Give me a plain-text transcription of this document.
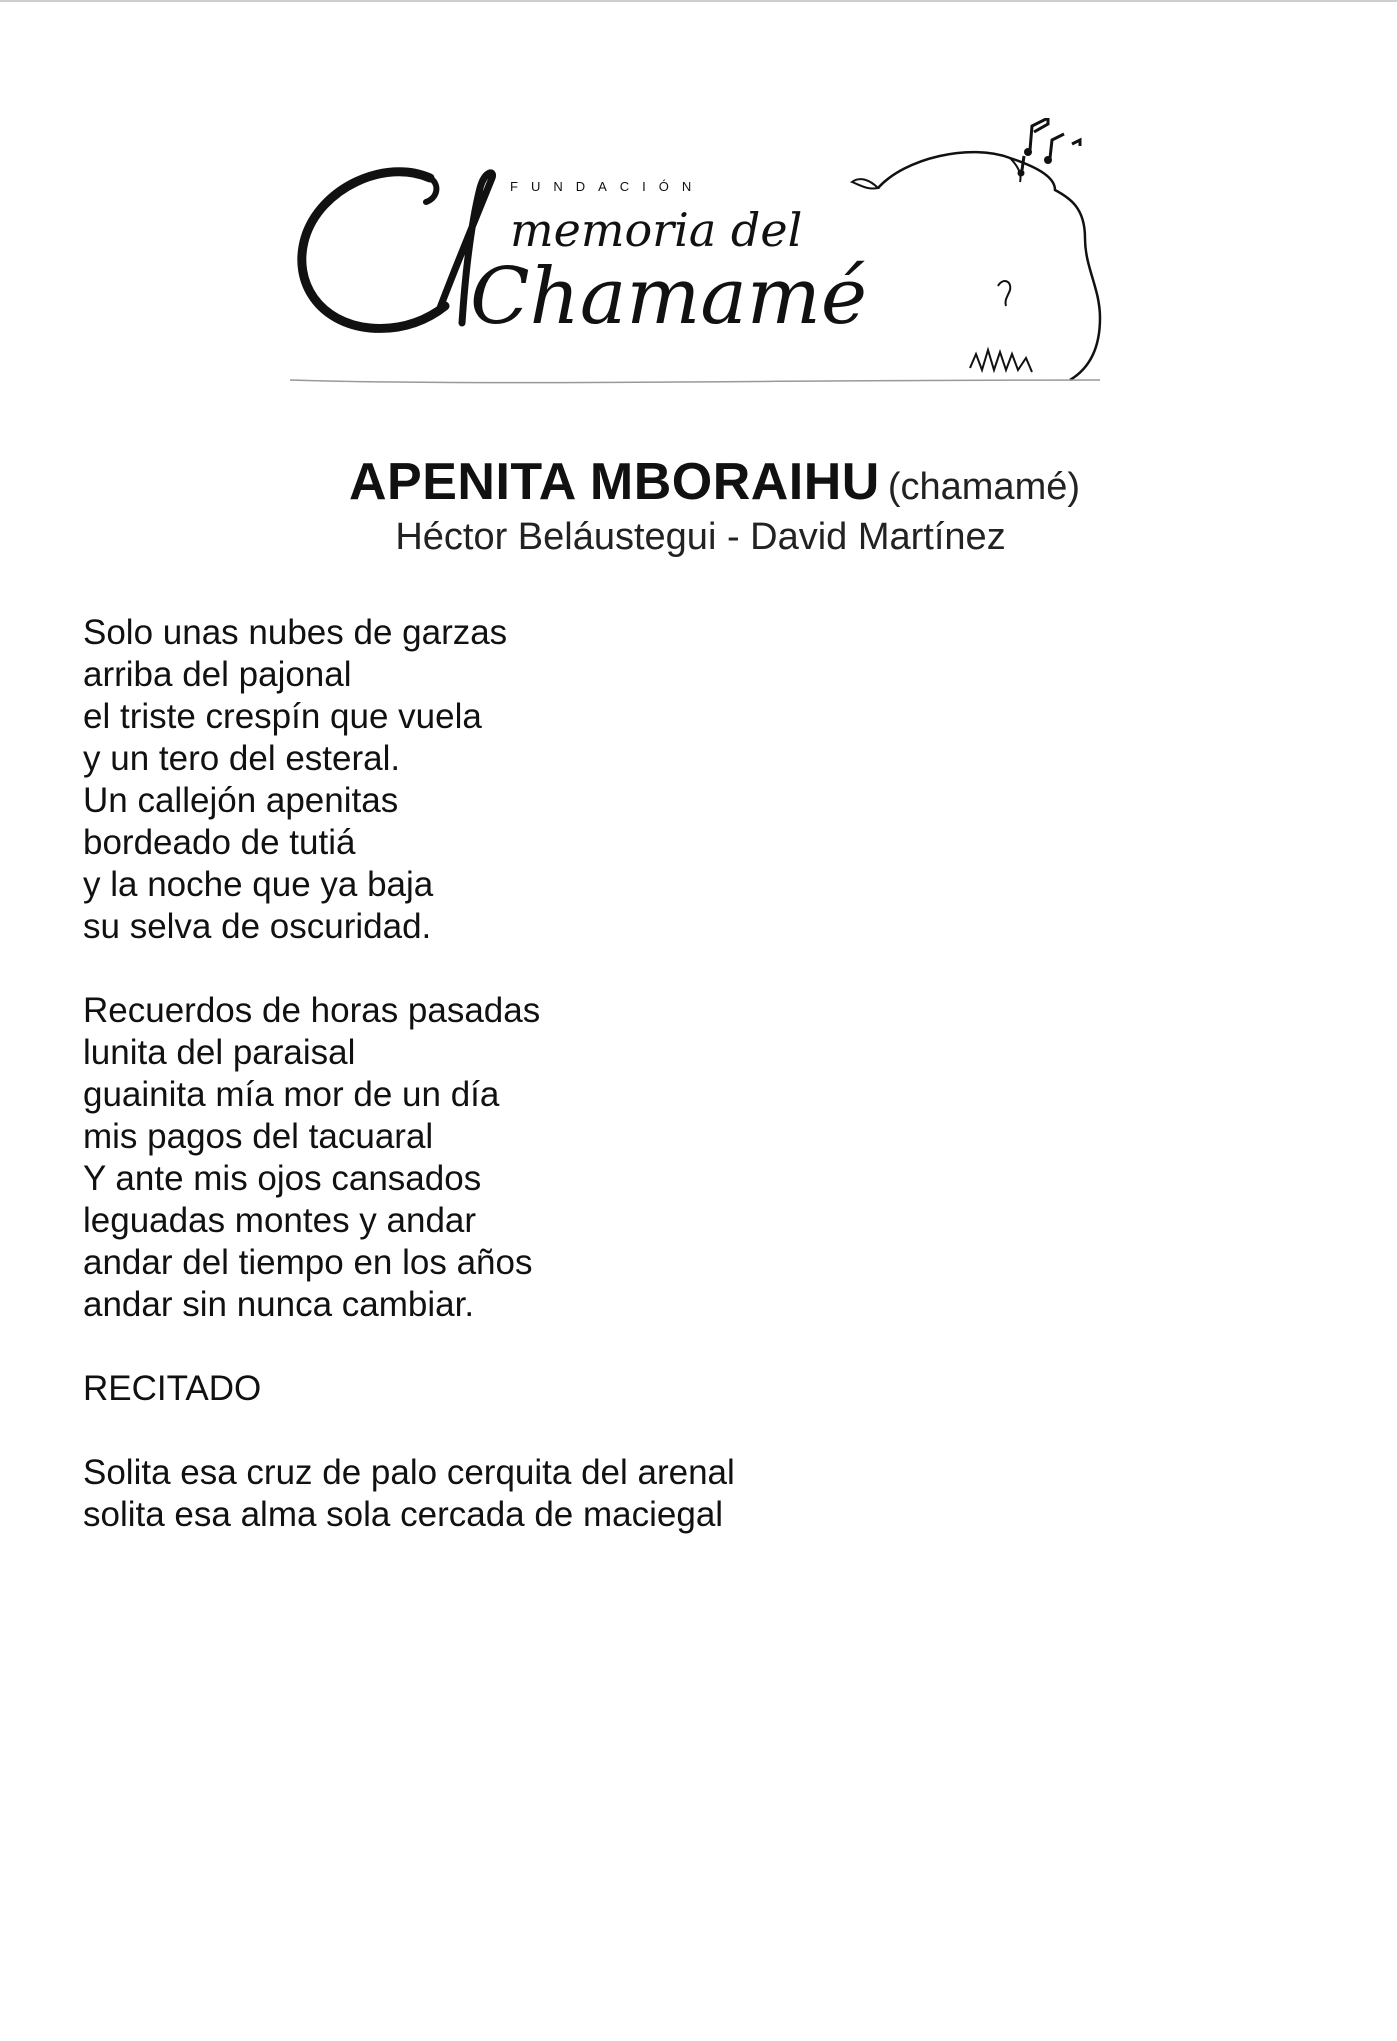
FUNDACIÓN
memoria del
Chamamé
APENITA MBORAIHU (chamamé)
Héctor Beláustegui - David Martínez
Solo unas nubes de garzas
arriba del pajonal
el triste crespín que vuela
y un tero del esteral.
Un callejón apenitas
bordeado de tutiá
y la noche que ya baja
su selva de oscuridad.
Recuerdos de horas pasadas
lunita del paraisal
guainita mía mor de un día
mis pagos del tacuaral
Y ante mis ojos cansados
leguadas montes y andar
andar del tiempo en los años
andar sin nunca cambiar.
RECITADO
Solita esa cruz de palo cerquita del arenal
solita esa alma sola cercada de maciegal
